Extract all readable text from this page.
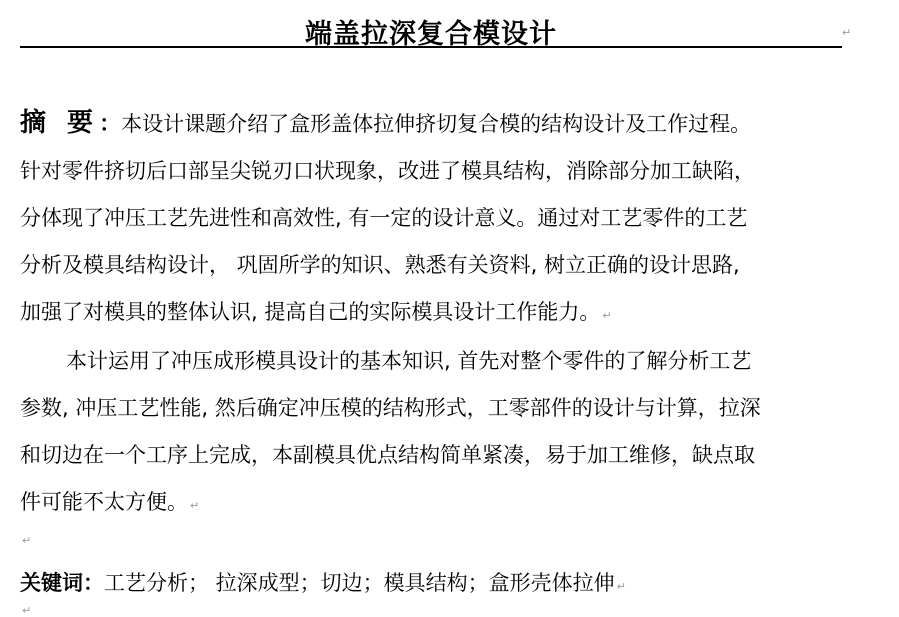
端盖拉深复合模设计	↵

摘 要：本设计课题介绍了盒形盖体拉伸挤切复合模的结构设计及工作过程。

针对零件挤切后口部呈尖锐刃口状现象，改进了模具结构，消除部分加工缺陷，

分体现了冲压工艺先进性和高效性, 有一定的设计意义。通过对工艺零件的工艺

分析及模具结构设计， 巩固所学的知识、熟悉有关资料, 树立正确的设计思路,

加强了对模具的整体认识, 提高自己的实际模具设计工作能力。 ↵

本计运用了冲压成形模具设计的基本知识, 首先对整个零件的了解分析工艺

参数, 冲压工艺性能, 然后确定冲压模的结构形式，工零部件的设计与计算，拉深

和切边在一个工序上完成，本副模具优点结构简单紧凑，易于加工维修，缺点取

件可能不太方便。 ↵

↵
关键词：工艺分析； 拉深成型；切边；模具结构；盒形壳体拉伸 ↵
↵
